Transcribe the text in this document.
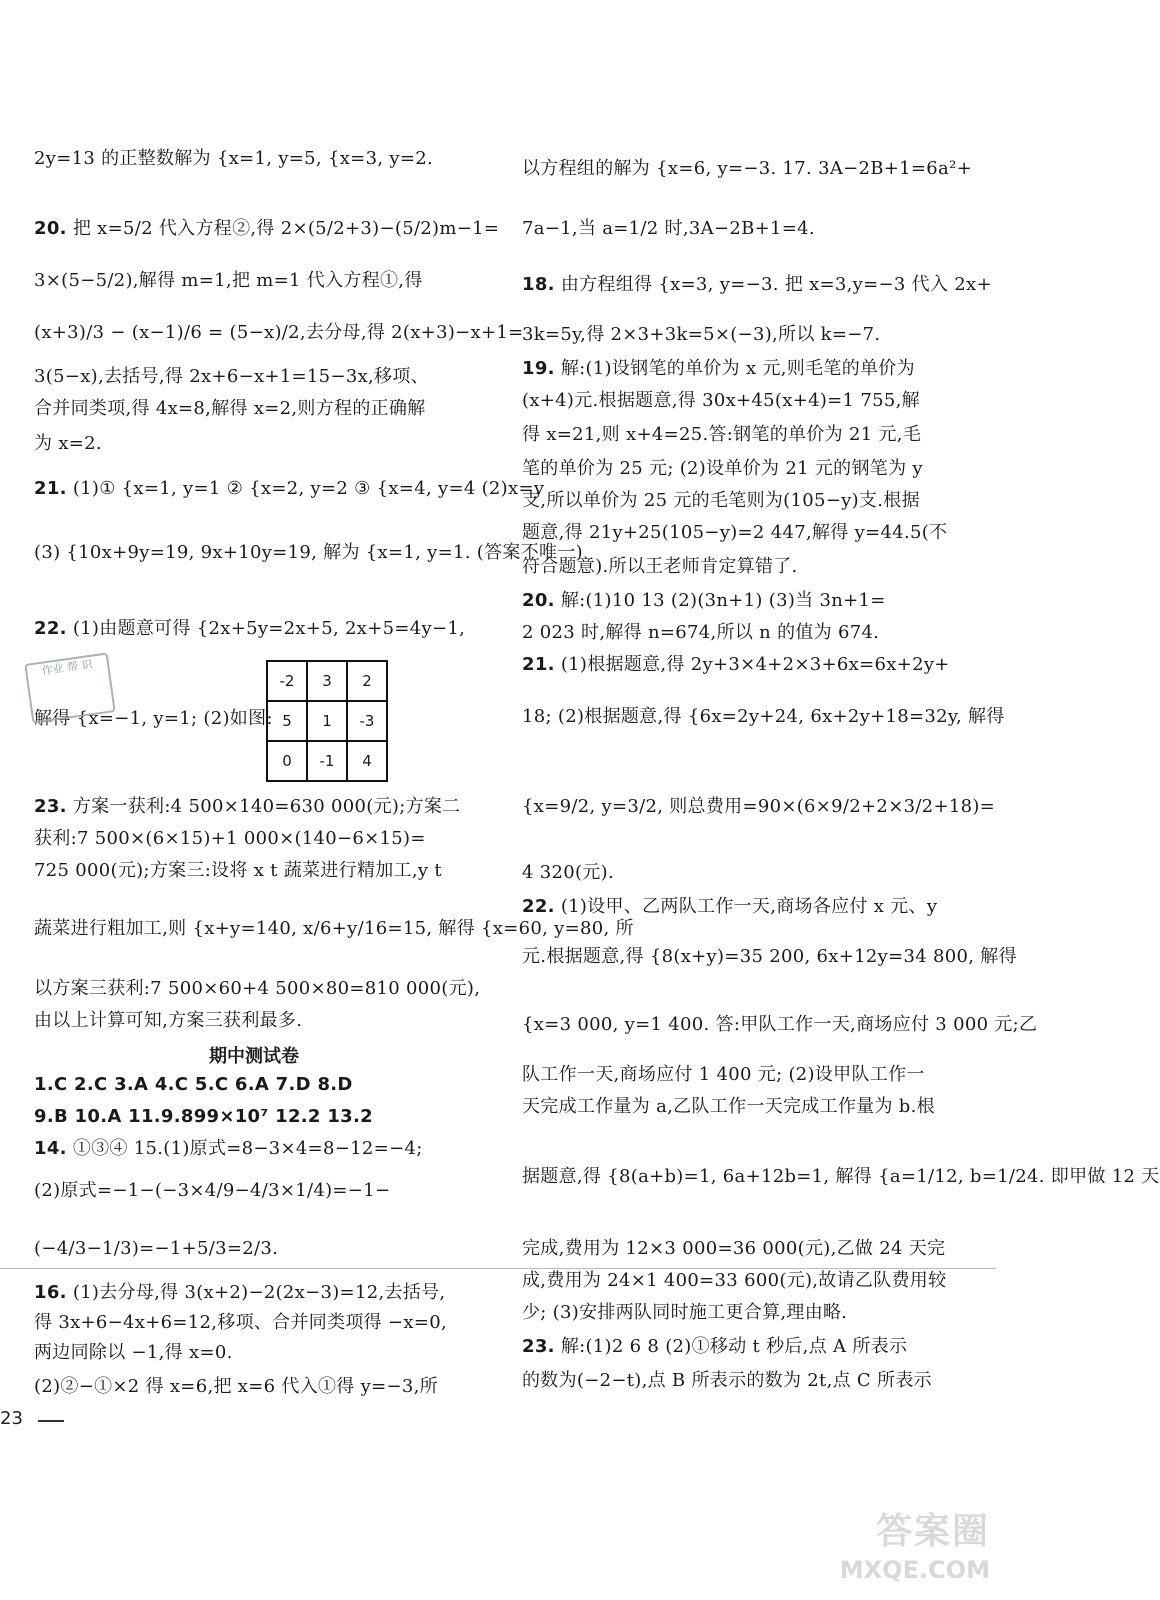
2y=13 的正整数解为 {x=1, y=5, {x=3, y=2.
20. 把 x=5/2 代入方程②,得 2×(5/2+3)−(5/2)m−1=
3×(5−5/2),解得 m=1,把 m=1 代入方程①,得
(x+3)/3 − (x−1)/6 = (5−x)/2,去分母,得 2(x+3)−x+1=
3(5−x),去括号,得 2x+6−x+1=15−3x,移项、
合并同类项,得 4x=8,解得 x=2,则方程的正确解
为 x=2.
21. (1)① {x=1, y=1 ② {x=2, y=2 ③ {x=4, y=4 (2)x=y
(3) {10x+9y=19, 9x+10y=19, 解为 {x=1, y=1. (答案不唯一)
22. (1)由题意可得 {2x+5y=2x+5, 2x+5=4y−1,
解得 {x=−1, y=1; (2)如图:
23. 方案一获利:4 500×140=630 000(元);方案二
获利:7 500×(6×15)+1 000×(140−6×15)=
725 000(元);方案三:设将 x t 蔬菜进行精加工,y t
蔬菜进行粗加工,则 {x+y=140, x/6+y/16=15, 解得 {x=60, y=80, 所
以方案三获利:7 500×60+4 500×80=810 000(元),
由以上计算可知,方案三获利最多.
1.C 2.C 3.A 4.C 5.C 6.A 7.D 8.D
9.B 10.A 11.9.899×10⁷ 12.2 13.2
14. ①③④ 15.(1)原式=8−3×4=8−12=−4;
(2)原式=−1−(−3×4/9−4/3×1/4)=−1−
(−4/3−1/3)=−1+5/3=2/3.
16. (1)去分母,得 3(x+2)−2(2x−3)=12,去括号,
得 3x+6−4x+6=12,移项、合并同类项得 −x=0,
两边同除以 −1,得 x=0.
(2)②−①×2 得 x=6,把 x=6 代入①得 y=−3,所
以方程组的解为 {x=6, y=−3. 17. 3A−2B+1=6a²+
7a−1,当 a=1/2 时,3A−2B+1=4.
18. 由方程组得 {x=3, y=−3. 把 x=3,y=−3 代入 2x+
3k=5y,得 2×3+3k=5×(−3),所以 k=−7.
19. 解:(1)设钢笔的单价为 x 元,则毛笔的单价为
(x+4)元.根据题意,得 30x+45(x+4)=1 755,解
得 x=21,则 x+4=25.答:钢笔的单价为 21 元,毛
笔的单价为 25 元; (2)设单价为 21 元的钢笔为 y
支,所以单价为 25 元的毛笔则为(105−y)支.根据
题意,得 21y+25(105−y)=2 447,解得 y=44.5(不
符合题意).所以王老师肯定算错了.
20. 解:(1)10 13 (2)(3n+1) (3)当 3n+1=
2 023 时,解得 n=674,所以 n 的值为 674.
21. (1)根据题意,得 2y+3×4+2×3+6x=6x+2y+
18; (2)根据题意,得 {6x=2y+24, 6x+2y+18=32y, 解得
{x=9/2, y=3/2, 则总费用=90×(6×9/2+2×3/2+18)=
4 320(元).
22. (1)设甲、乙两队工作一天,商场各应付 x 元、y
元.根据题意,得 {8(x+y)=35 200, 6x+12y=34 800, 解得
{x=3 000, y=1 400. 答:甲队工作一天,商场应付 3 000 元;乙
队工作一天,商场应付 1 400 元; (2)设甲队工作一
天完成工作量为 a,乙队工作一天完成工作量为 b.根
据题意,得 {8(a+b)=1, 6a+12b=1, 解得 {a=1/12, b=1/24. 即甲做 12 天
完成,费用为 12×3 000=36 000(元),乙做 24 天完
成,费用为 24×1 400=33 600(元),故请乙队费用较
少; (3)安排两队同时施工更合算,理由略.
23. 解:(1)2 6 8 (2)①移动 t 秒后,点 A 所表示
的数为(−2−t),点 B 所表示的数为 2t,点 C 所表示
期中测试卷
作业 帮 识
-2	3	2
5	1	-3
0	-1	4
23
答案圈
MXQE.COM
